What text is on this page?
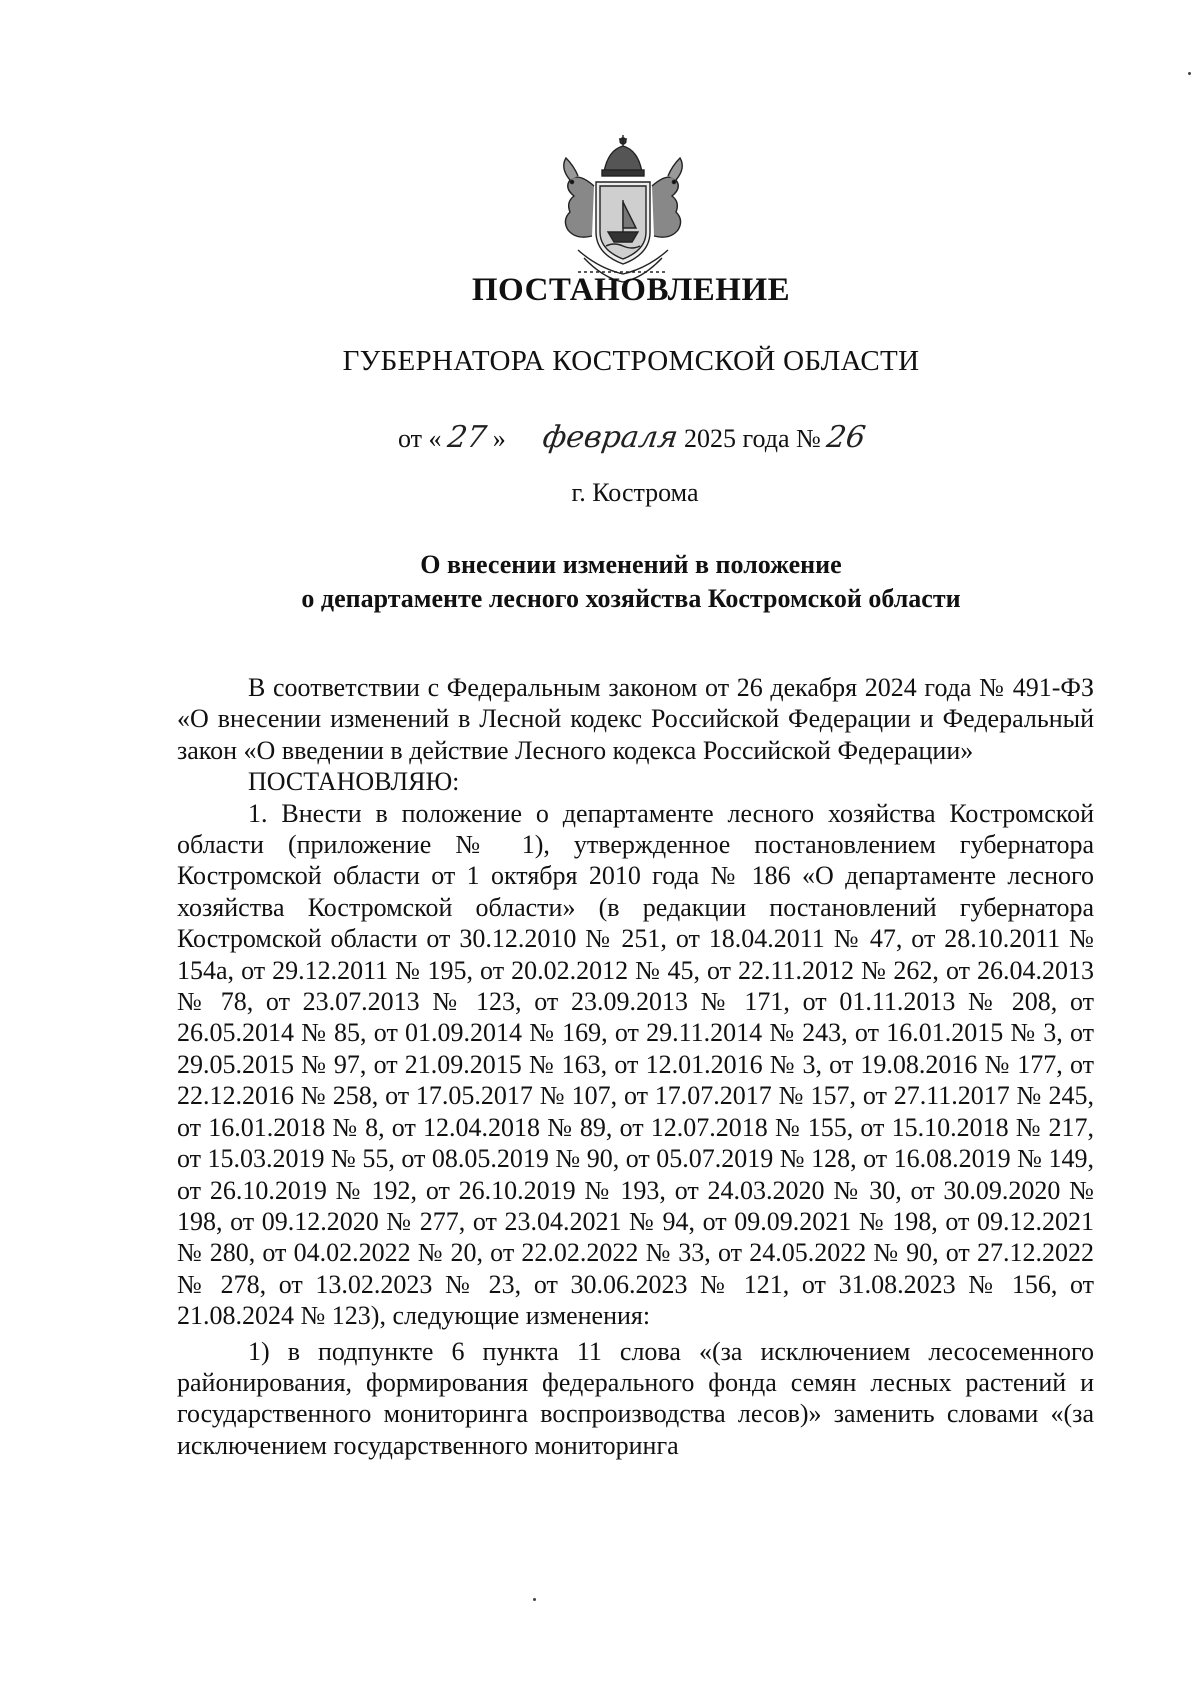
ПОСТАНОВЛЕНИЕ
ГУБЕРНАТОРА КОСТРОМСКОЙ ОБЛАСТИ
от « 27 » февраля 2025 года № 26
г. Кострома
О внесении изменений в положение
о департаменте лесного хозяйства Костромской области

В соответствии с Федеральным законом от 26 декабря 2024 года № 491-ФЗ «О внесении изменений в Лесной кодекс Российской Федерации и Федеральный закон «О введении в действие Лесного кодекса Российской Федерации»

ПОСТАНОВЛЯЮ:

1. Внести в положение о департаменте лесного хозяйства Костромской области (приложение № 1), утвержденное постановлением губернатора Костромской области от 1 октября 2010 года № 186 «О департаменте лесного хозяйства Костромской области» (в редакции постановлений губернатора Костромской области от 30.12.2010 № 251, от 18.04.2011 № 47, от 28.10.2011 № 154а, от 29.12.2011 № 195, от 20.02.2012 № 45, от 22.11.2012 № 262, от 26.04.2013 № 78, от 23.07.2013 № 123, от 23.09.2013 № 171, от 01.11.2013 № 208, от 26.05.2014 № 85, от 01.09.2014 № 169, от 29.11.2014 № 243, от 16.01.2015 № 3, от 29.05.2015 № 97, от 21.09.2015 № 163, от 12.01.2016 № 3, от 19.08.2016 № 177, от 22.12.2016 № 258, от 17.05.2017 № 107, от 17.07.2017 № 157, от 27.11.2017 № 245, от 16.01.2018 № 8, от 12.04.2018 № 89, от 12.07.2018 № 155, от 15.10.2018 № 217, от 15.03.2019 № 55, от 08.05.2019 № 90, от 05.07.2019 № 128, от 16.08.2019 № 149, от 26.10.2019 № 192, от 26.10.2019 № 193, от 24.03.2020 № 30, от 30.09.2020 № 198, от 09.12.2020 № 277, от 23.04.2021 № 94, от 09.09.2021 № 198, от 09.12.2021 № 280, от 04.02.2022 № 20, от 22.02.2022 № 33, от 24.05.2022 № 90, от 27.12.2022 № 278, от 13.02.2023 № 23, от 30.06.2023 № 121, от 31.08.2023 № 156, от 21.08.2024 № 123), следующие изменения:

1) в подпункте 6 пункта 11 слова «(за исключением лесосеменного районирования, формирования федерального фонда семян лесных растений и государственного мониторинга воспроизводства лесов)» заменить словами «(за исключением государственного мониторинга
